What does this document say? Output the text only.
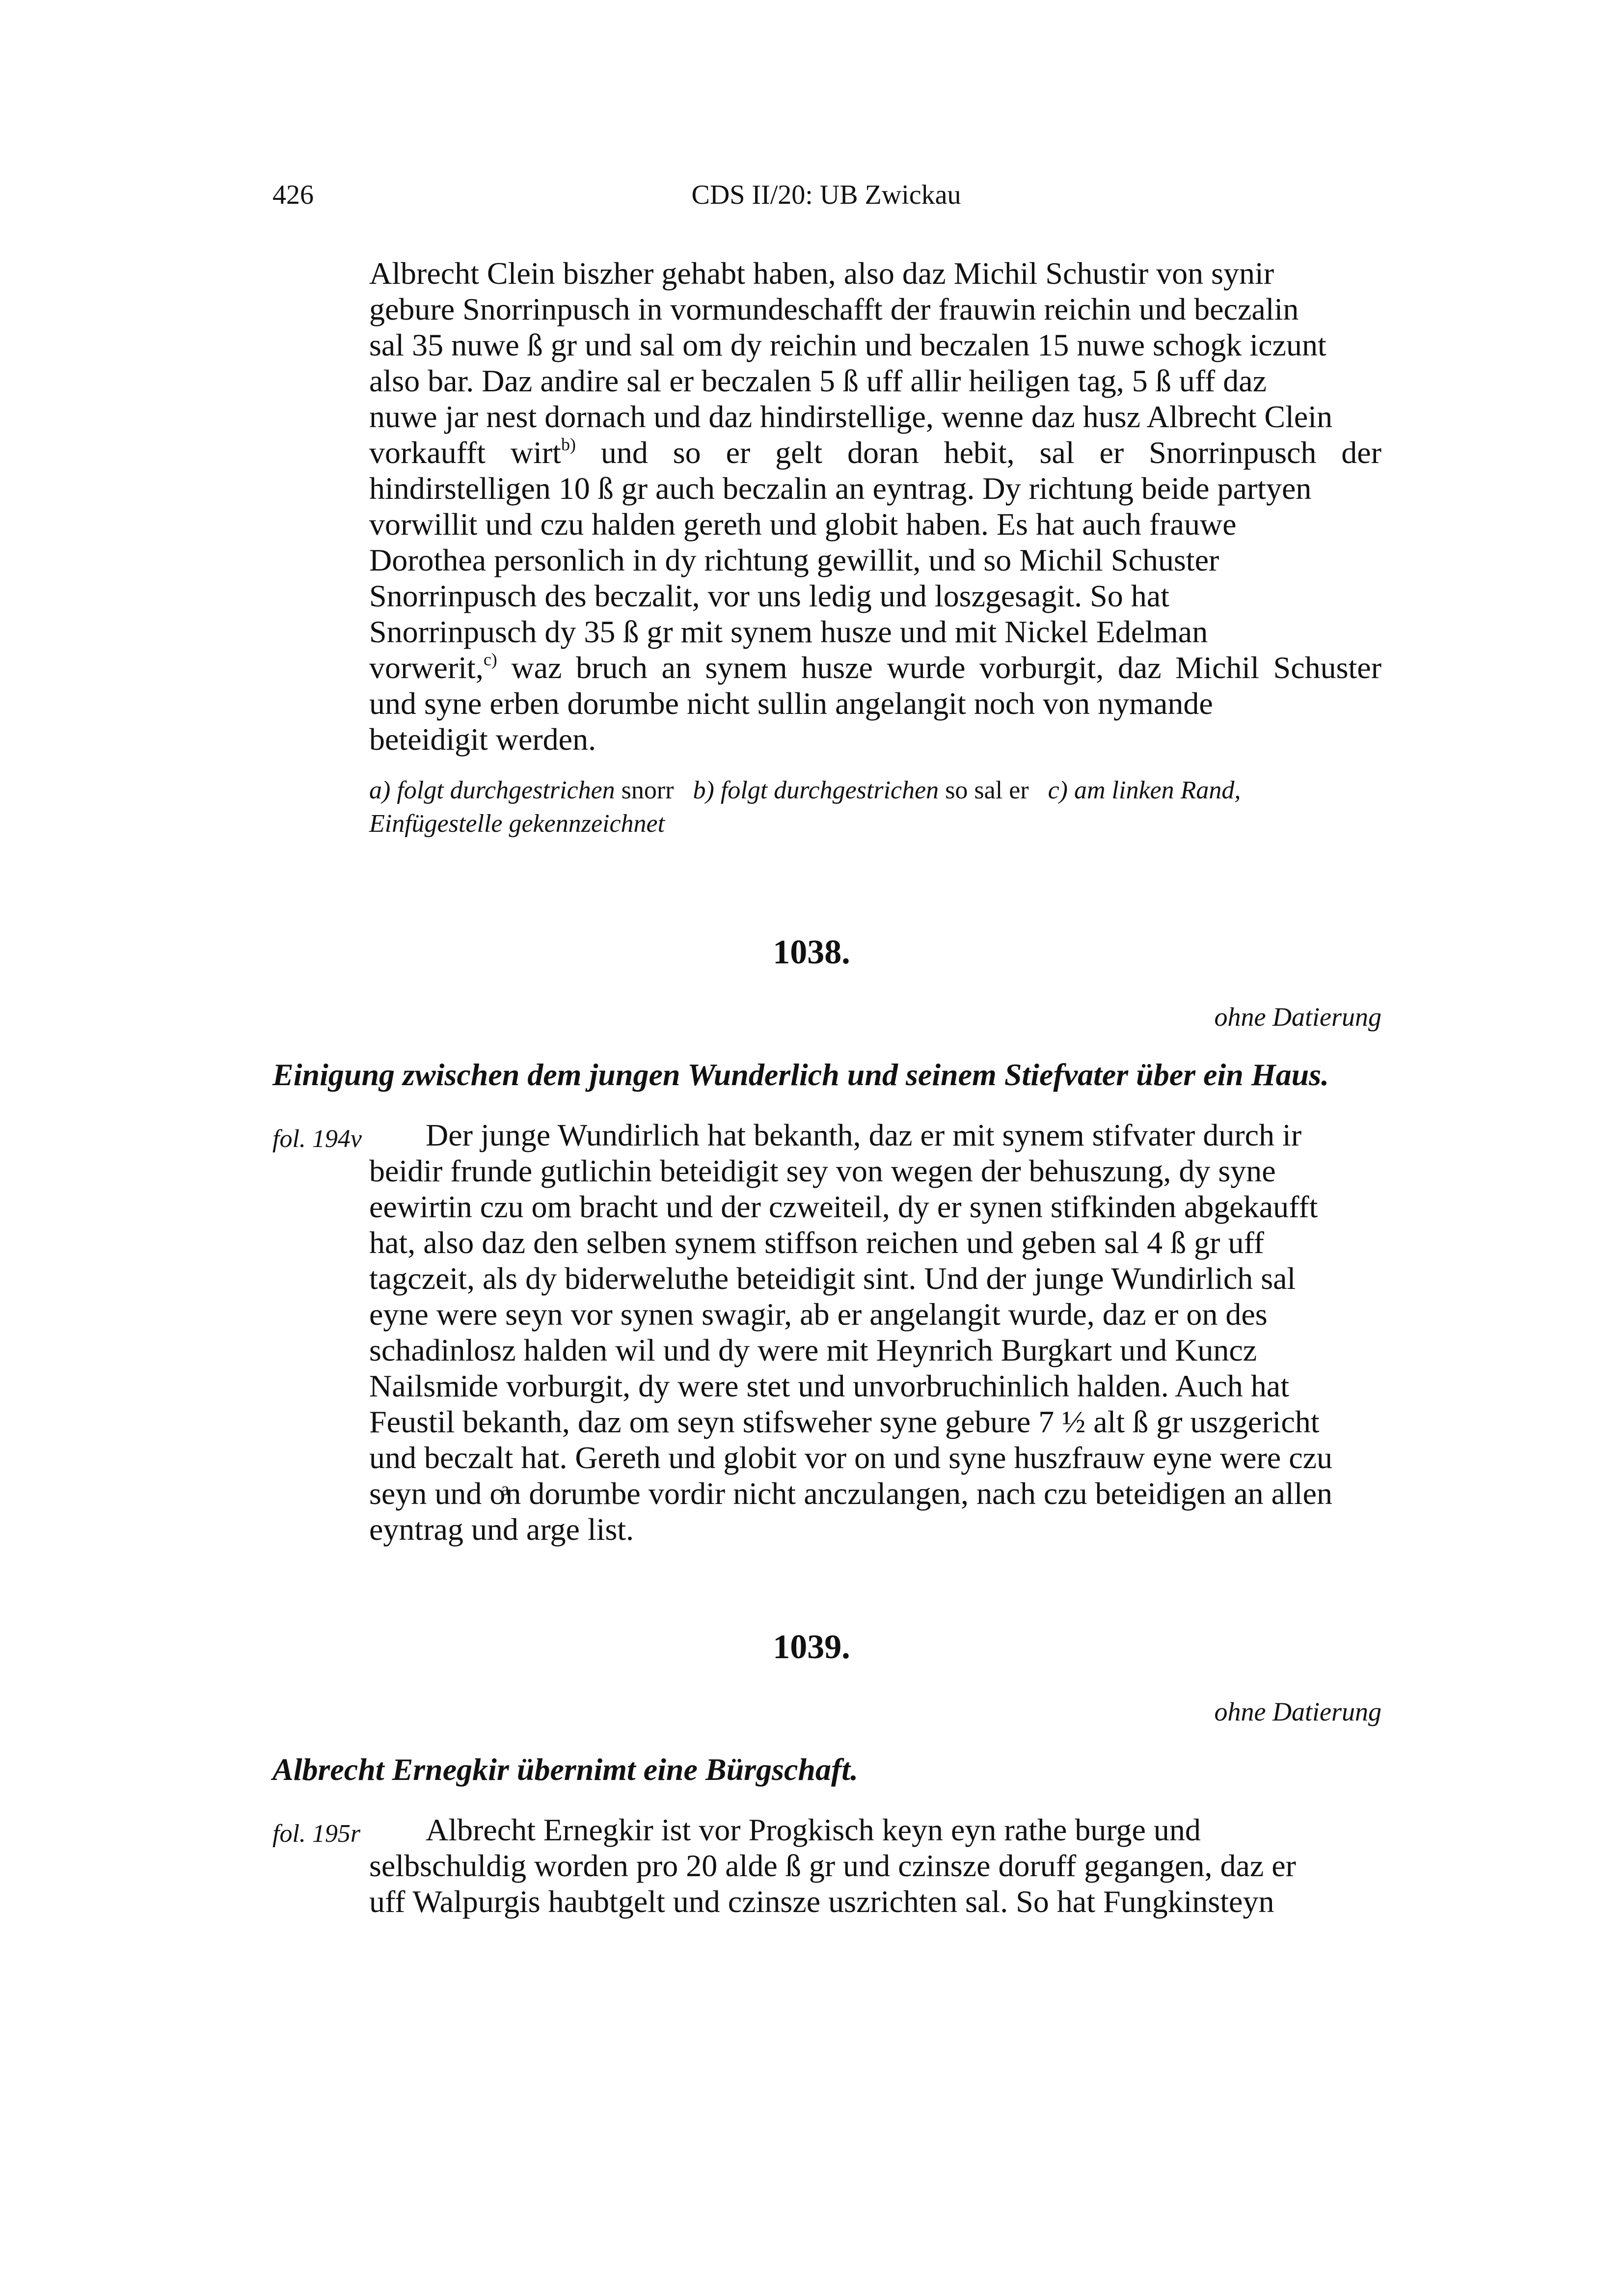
426	CDS II/20: UB Zwickau

Albrecht Clein biszher gehabt haben, also daz Michil Schustir von synir

gebure Snorrinpusch in vormundeschafft der frauwin reichin und beczalin

sal 35 nuwe ß gr und sal om dy reichin und beczalen 15 nuwe schogk iczunt

also bar. Daz andire sal er beczalen 5 ß uff allir heiligen tag, 5 ß uff daz

nuwe jar nest dornach und daz hindirstellige, wenne daz husz Albrecht Clein

vorkaufft wirt$^{b)}$ und so er gelt doran hebit, sal er Snorrinpusch der

hindirstelligen 10 ß gr auch beczalin an eyntrag. Dy richtung beide partyen

vorwillit und czu halden gereth und globit haben. Es hat auch frauwe

Dorothea personlich in dy richtung gewillit, und so Michil Schuster

Snorrinpusch des beczalit, vor uns ledig und loszgesagit. So hat

Snorrinpusch dy 35 ß gr mit synem husze und mit Nickel Edelman

vorwerit,$^{c)}$ waz bruch an synem husze wurde vorburgit, daz Michil Schuster

und syne erben dorumbe nicht sullin angelangit noch von nymande

beteidigit werden.

a) folgt durchgestrichen snorr b) folgt durchgestrichen so sal er c) am linken Rand,
Einfügestelle gekennzeichnet
1038.
ohne Datierung
Einigung zwischen dem jungen Wunderlich und seinem Stiefvater über ein Haus.
fol. 194v	Der junge Wundirlich hat bekanth, daz er mit synem stifvater durch ir

beidir frunde gutlichin beteidigit sey von wegen der behuszung, dy syne

eewirtin czu om bracht und der czweiteil, dy er synen stifkinden abgekaufft

hat, also daz den selben synem stiffson reichen und geben sal 4 ß gr uff

tagczeit, als dy biderweluthe beteidigit sint. Und der junge Wundirlich sal

eyne were seyn vor synen swagir, ab er angelangit wurde, daz er on des

schadinlosz halden wil und dy were mit Heynrich Burgkart und Kuncz

Nailsmide vorburgit, dy were stet und unvorbruchinlich halden. Auch hat

Feustil bekanth, daz om seyn stifsweher syne gebure 7 ½ alt ß gr uszgericht

und beczalt hat. Gereth und globit vor on und syne huszfrauw eyne were czu

seyn und oͣn dorumbe vordir nicht anczulangen, nach czu beteidigen an allen

eyntrag und arge list.

1039.
ohne Datierung
Albrecht Ernegkir übernimt eine Bürgschaft.
fol. 195r	Albrecht Ernegkir ist vor Progkisch keyn eyn rathe burge und

selbschuldig worden pro 20 alde ß gr und czinsze doruff gegangen, daz er

uff Walpurgis haubtgelt und czinsze uszrichten sal. So hat Fungkinsteyn
